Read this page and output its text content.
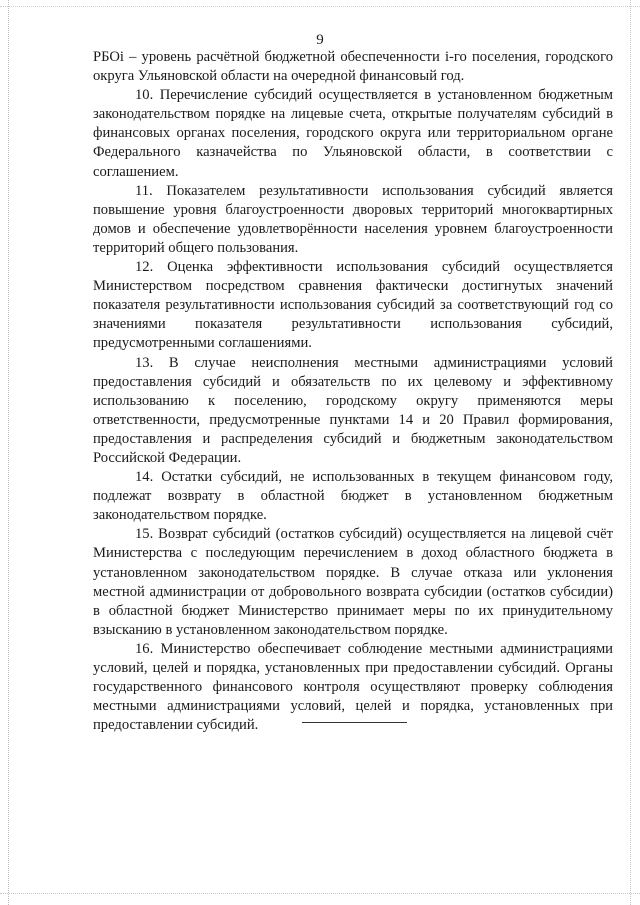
9

РБОi – уровень расчётной бюджетной обеспеченности i-го поселения, городского округа Ульяновской области на очередной финансовый год.

10. Перечисление субсидий осуществляется в установленном бюджетным законодательством порядке на лицевые счета, открытые получателям субсидий в финансовых органах поселения, городского округа или территориальном органе Федерального казначейства по Ульяновской области, в соответствии с соглашением.

11. Показателем результативности использования субсидий является повышение уровня благоустроенности дворовых территорий многоквартирных домов и обеспечение удовлетворённости населения уровнем благоустроенности территорий общего пользования.

12. Оценка эффективности использования субсидий осуществляется Министерством посредством сравнения фактически достигнутых значений показателя результативности использования субсидий за соответствующий год со значениями показателя результативности использования субсидий, предусмотренными соглашениями.

13. В случае неисполнения местными администрациями условий предоставления субсидий и обязательств по их целевому и эффективному использованию к поселению, городскому округу применяются меры ответственности, предусмотренные пунктами 14 и 20 Правил формирования, предоставления и распределения субсидий и бюджетным законодательством Российской Федерации.

14. Остатки субсидий, не использованных в текущем финансовом году, подлежат возврату в областной бюджет в установленном бюджетным законодательством порядке.

15. Возврат субсидий (остатков субсидий) осуществляется на лицевой счёт Министерства с последующим перечислением в доход областного бюджета в установленном законодательством порядке. В случае отказа или уклонения местной администрации от добровольного возврата субсидии (остатков субсидии) в областной бюджет Министерство принимает меры по их принудительному взысканию в установленном законодательством порядке.

16. Министерство обеспечивает соблюдение местными администрациями условий, целей и порядка, установленных при предоставлении субсидий. Органы государственного финансового контроля осуществляют проверку соблюдения местными администрациями условий, целей и порядка, установленных при предоставлении субсидий.
